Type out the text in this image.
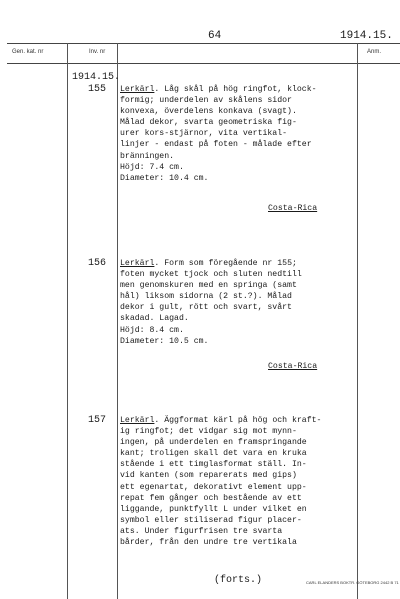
64	1914.15.
Gen. kat. nr	Inv. nr	Anm.
1914.15.
155 Lerkärl. Låg skål på hög ringfot, klock-
formig; underdelen av skålens sidor
konvexa, överdelens konkava (svagt).
Målad dekor, svarta geometriska fig-
urer kors-stjärnor, vita vertikal-
linjer - endast på foten - målade efter
bränningen.
Höjd: 7.4 cm.
Diameter: 10.4 cm.
Costa-Rica
156 Lerkärl. Form som föregående nr 155;
foten mycket tjock och sluten nedtill
men genomskuren med en springa (samt
hål) liksom sidorna (2 st.?). Målad
dekor i gult, rött och svart, svårt
skadad. Lagad.
Höjd: 8.4 cm.
Diameter: 10.5 cm.
Costa-Rica
157 Lerkärl. Äggformat kärl på hög och kraft-
ig ringfot; det vidgar sig mot mynn-
ingen, på underdelen en framspringande
kant; troligen skall det vara en kruka
stående i ett timglasformat ställ. In-
vid kanten (som reparerats med gips)
ett egenartat, dekorativt element upp-
repat fem gånger och bestående av ett
liggande, punktfyllt L under vilket en
symbol eller stiliserad figur placer-
ats. Under figurfrisen tre svarta
bårder, från den undre tre vertikala
(forts.)	CARL ELANDERS BOKTR. GÖTEBORG 2442 B 71
